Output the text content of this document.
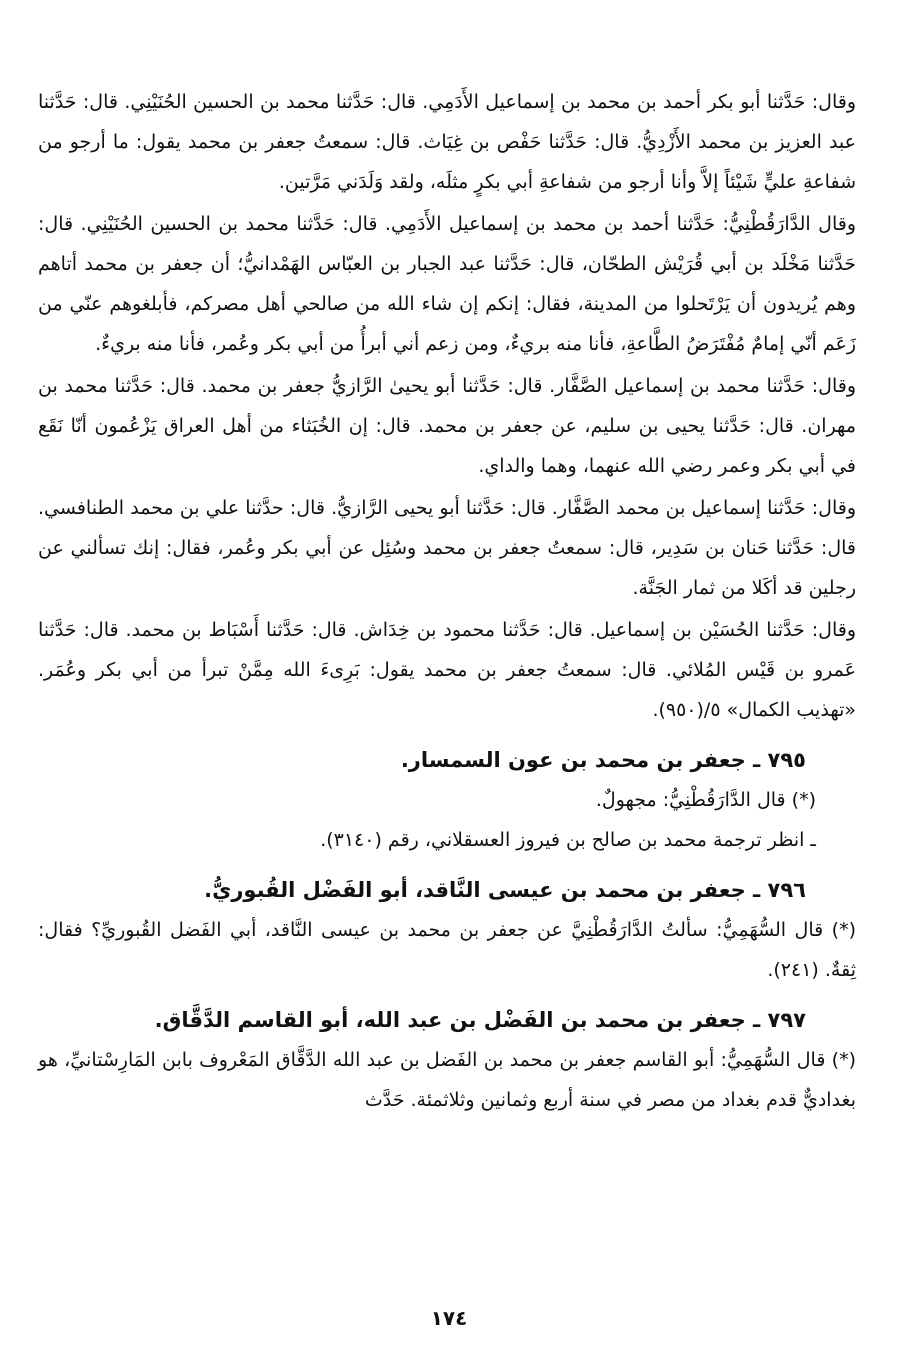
وقال: حَدَّثنا أبو بكر أحمد بن محمد بن إسماعيل الأَدَمِي. قال: حَدَّثنا محمد بن الحسين الحُنَيْنِي. قال: حَدَّثنا عبد العزيز بن محمد الأَزْدِيُّ. قال: حَدَّثنا حَفْص بن غِيَاث. قال: سمعتُ جعفر بن محمد يقول: ما أرجو من شفاعةِ عليٍّ شَيْئاً إلاَّ وأنا أرجو من شفاعةِ أبي بكرٍ مثلَه، ولقد وَلَدَني مَرَّتين.

وقال الدَّارَقُطْنِيُّ: حَدَّثنا أحمد بن محمد بن إسماعيل الأَدَمِي. قال: حَدَّثنا محمد بن الحسين الحُنَيْنِي. قال: حَدَّثنا مَخْلَد بن أبي قُرَيْش الطحّان، قال: حَدَّثنا عبد الجبار بن العبّاس الهَمْدانيُّ؛ أن جعفر بن محمد أتاهم وهم يُريدون أن يَرْتَحلوا من المدينة، فقال: إنكم إن شاء الله من صالحي أهل مصركم، فأبلغوهم عنّي من زَعَم أنّي إمامٌ مُفْتَرَضُ الطَّاعةِ، فأنا منه بريءٌ، ومن زعم أني أبرأُ من أبي بكر وعُمر، فأنا منه بريءٌ.

وقال: حَدَّثنا محمد بن إسماعيل الصَّفَّار. قال: حَدَّثنا أبو يحيىٰ الرَّازيُّ جعفر بن محمد. قال: حَدَّثنا محمد بن مهران. قال: حَدَّثنا يحيى بن سليم، عن جعفر بن محمد. قال: إن الخُبَثاء من أهل العراق يَزْعُمون أنّا نَقَع في أبي بكر وعمر رضي الله عنهما، وهما والداي.

وقال: حَدَّثنا إسماعيل بن محمد الصَّفَّار. قال: حَدَّثنا أبو يحيى الرَّازيُّ. قال: حدَّثنا علي بن محمد الطنافسي. قال: حَدَّثنا حَنان بن سَدِير، قال: سمعتُ جعفر بن محمد وسُئِل عن أبي بكر وعُمر، فقال: إنك تسألني عن رجلين قد أكَلا من ثمار الجَنَّة.

وقال: حَدَّثنا الحُسَيْن بن إسماعيل. قال: حَدَّثنا محمود بن خِدَاش. قال: حَدَّثنا أَسْبَاط بن محمد. قال: حَدَّثنا عَمرو بن قَيْس المُلائي. قال: سمعتُ جعفر بن محمد يقول: بَرِىءَ الله مِمَّنْ تبرأ من أبي بكر وعُمَر. «تهذيب الكمال» ٥/(٩٥٠).

٧٩٥ ـ جعفر بن محمد بن عون السمسار.

(*) قال الدَّارَقُطْنِيُّ: مجهولٌ.

ـ انظر ترجمة محمد بن صالح بن فيروز العسقلاني، رقم (٣١٤٠).

٧٩٦ ـ جعفر بن محمد بن عيسى النَّاقد، أبو الفَضْل القُبوريُّ.

(*) قال السُّهَمِيُّ: سألتُ الدَّارَقُطْنِيَّ عن جعفر بن محمد بن عيسى النَّاقد، أبي الفَضل القُبوريِّ؟ فقال: ثِقةٌ. (٢٤١).

٧٩٧ ـ جعفر بن محمد بن الفَضْل بن عبد الله، أبو القاسم الدَّقَّاق.

(*) قال السُّهَمِيُّ: أبو القاسم جعفر بن محمد بن الفَضل بن عبد الله الدَّقَّاق المَعْروف بابن المَارِسْتانيِّ، هو بغداديٌّ قدم بغداد من مصر في سنة أربع وثمانين وثلاثمئة. حَدَّث

١٧٤
